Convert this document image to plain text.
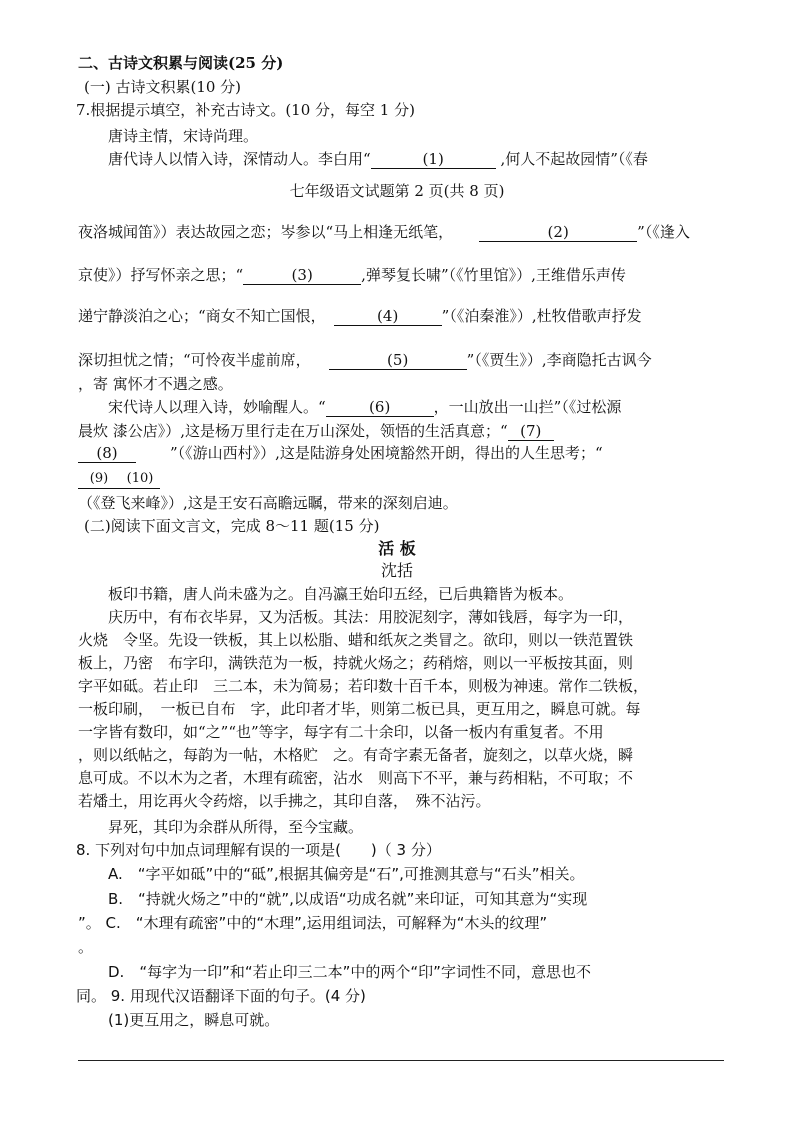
二、古诗文积累与阅读(25 分)
(一) 古诗文积累(10 分)
7.根据提示填空，补充古诗文。(10 分，每空 1 分)
唐诗主情，宋诗尚理。
唐代诗人以情入诗，深情动人。李白用“	(1)	,何人不起故园情”（《春
七年级语文试题第 2 页(共 8 页)
夜洛城闻笛》）表达故园之恋；岑参以“马上相逢无纸笔，	(2)	”（《逢入
京使》）抒写怀亲之思；“	(3)	,弹琴复长啸”（《竹里馆》）,王维借乐声传
递宁静淡泊之心；“商女不知亡国恨，	(4)	”（《泊秦淮》）,杜牧借歌声抒发
深切担忧之情；“可怜夜半虚前席，	(5)	”（《贾生》）,李商隐托古讽今
，寄 寓怀才不遇之感。
宋代诗人以理入诗，妙喻醒人。“	(6)	，一山放出一山拦”（《过松源
晨炊 漆公店》）,这是杨万里行走在万山深处，领悟的生活真意；“ (7)
(8)	”（《游山西村》）,这是陆游身处困境豁然开朗，得出的人生思考；“
(9) (10)
（《登飞来峰》）,这是王安石高瞻远瞩，带来的深刻启迪。
(二)阅读下面文言文，完成 8～11 题(15 分)
活 板
沈括
板印书籍，唐人尚未盛为之。自冯瀛王始印五经，已后典籍皆为板本。
庆历中，有布衣毕昇，又为活板。其法：用胶泥刻字，薄如钱唇，每字为一印，
火烧　令坚。先设一铁板，其上以松脂、蜡和纸灰之类冒之。欲印，则以一铁范置铁
板上，乃密　布字印，满铁范为一板，持就火炀之；药稍熔，则以一平板按其面，则
字平如砥。若止印　三二本，未为简易；若印数十百千本，则极为神速。常作二铁板，
一板印刷，　一板已自布　字，此印者才毕，则第二板已具，更互用之，瞬息可就。每
一字皆有数印，如“之”“也”等字，每字有二十余印，以备一板内有重复者。不用
，则以纸帖之，每韵为一帖，木格贮　之。有奇字素无备者，旋刻之，以草火烧，瞬
息可成。不以木为之者，木理有疏密，沾水　则高下不平，兼与药相粘，不可取；不
若燔土，用讫再火令药熔，以手拂之，其印自落，　殊不沾污。
昇死，其印为余群从所得，至今宝藏。
8. 下列对句中加点词理解有误的一项是(　　)（ 3 分）
A.　“字平如砥”中的“砥”,根据其偏旁是“石”,可推测其意与“石头”相关。
B.　“持就火炀之”中的“就”,以成语“功成名就”来印证，可知其意为“实现
”。 C.　“木理有疏密”中的“木理”,运用组词法，可解释为“木头的纹理”
。
D.　“每字为一印”和“若止印三二本”中的两个“印”字词性不同，意思也不
同。 9. 用现代汉语翻译下面的句子。(4 分)
(1)更互用之，瞬息可就。
